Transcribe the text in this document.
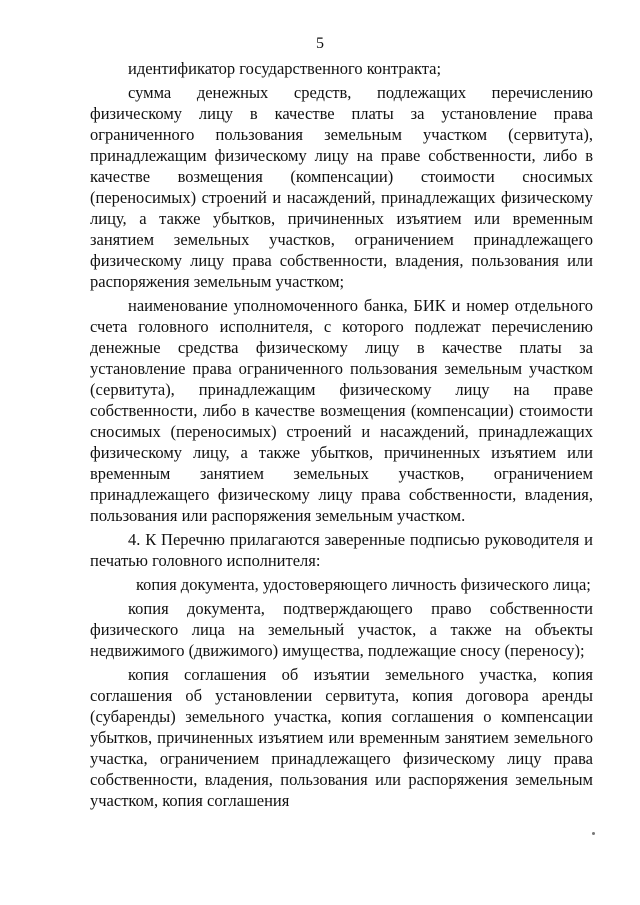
5

идентификатор государственного контракта;

сумма денежных средств, подлежащих перечислению физическому лицу в качестве платы за установление права ограниченного пользования земельным участком (сервитута), принадлежащим физическому лицу на праве собственности, либо в качестве возмещения (компенсации) стоимости сносимых (переносимых) строений и насаждений, принадлежащих физическому лицу, а также убытков, причиненных изъятием или временным занятием земельных участков, ограничением принадлежащего физическому лицу права собственности, владения, пользования или распоряжения земельным участком;

наименование уполномоченного банка, БИК и номер отдельного счета головного исполнителя, с которого подлежат перечислению денежные средства физическому лицу в качестве платы за установление права ограниченного пользования земельным участком (сервитута), принадлежащим физическому лицу на праве собственности, либо в качестве возмещения (компенсации) стоимости сносимых (переносимых) строений и насаждений, принадлежащих физическому лицу, а также убытков, причиненных изъятием или временным занятием земельных участков, ограничением принадлежащего физическому лицу права собственности, владения, пользования или распоряжения земельным участком.

4. К Перечню прилагаются заверенные подписью руководителя и печатью головного исполнителя:

копия документа, удостоверяющего личность физического лица;

копия документа, подтверждающего право собственности физического лица на земельный участок, а также на объекты недвижимого (движимого) имущества, подлежащие сносу (переносу);

копия соглашения об изъятии земельного участка, копия соглашения об установлении сервитута, копия договора аренды (субаренды) земельного участка, копия соглашения о компенсации убытков, причиненных изъятием или временным занятием земельного участка, ограничением принадлежащего физическому лицу права собственности, владения, пользования или распоряжения земельным участком, копия соглашения
